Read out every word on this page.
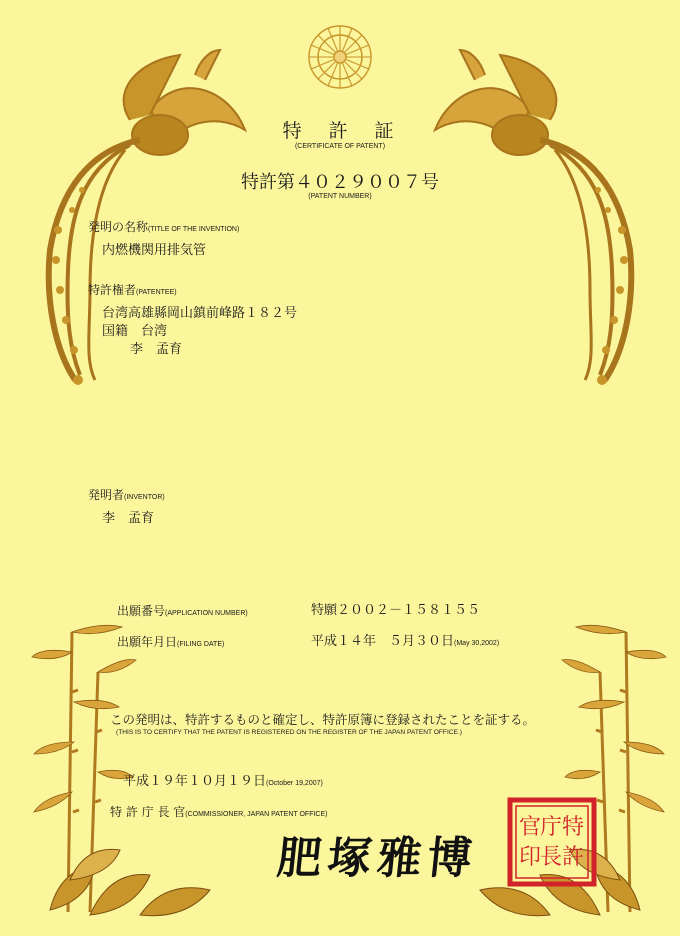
特　許　証
(CERTIFICATE OF PATENT)
特許第４０２９００７号
(PATENT NUMBER)
発明の名称(TITLE OF THE INVENTION)
内燃機関用排気管
特許権者(PATENTEE)
台湾高雄縣岡山鎮前峰路１８２号
国籍　台湾
李　孟育
発明者(INVENTOR)
李　孟育
出願番号(APPLICATION NUMBER)	特願２００２－１５８１５５
出願年月日(FILING DATE)	平成１４年　５月３０日(May 30,2002)
この発明は、特許するものと確定し、特許原簿に登録されたことを証する。
(THIS IS TO CERTIFY THAT THE PATENT IS REGISTERED ON THE REGISTER OF THE JAPAN PATENT OFFICE.)
平成１９年１０月１９日(October 19,2007)
特 許 庁 長 官(COMMISSIONER, JAPAN PATENT OFFICE)
肥塚雅博
特
許
庁
長
官
印
